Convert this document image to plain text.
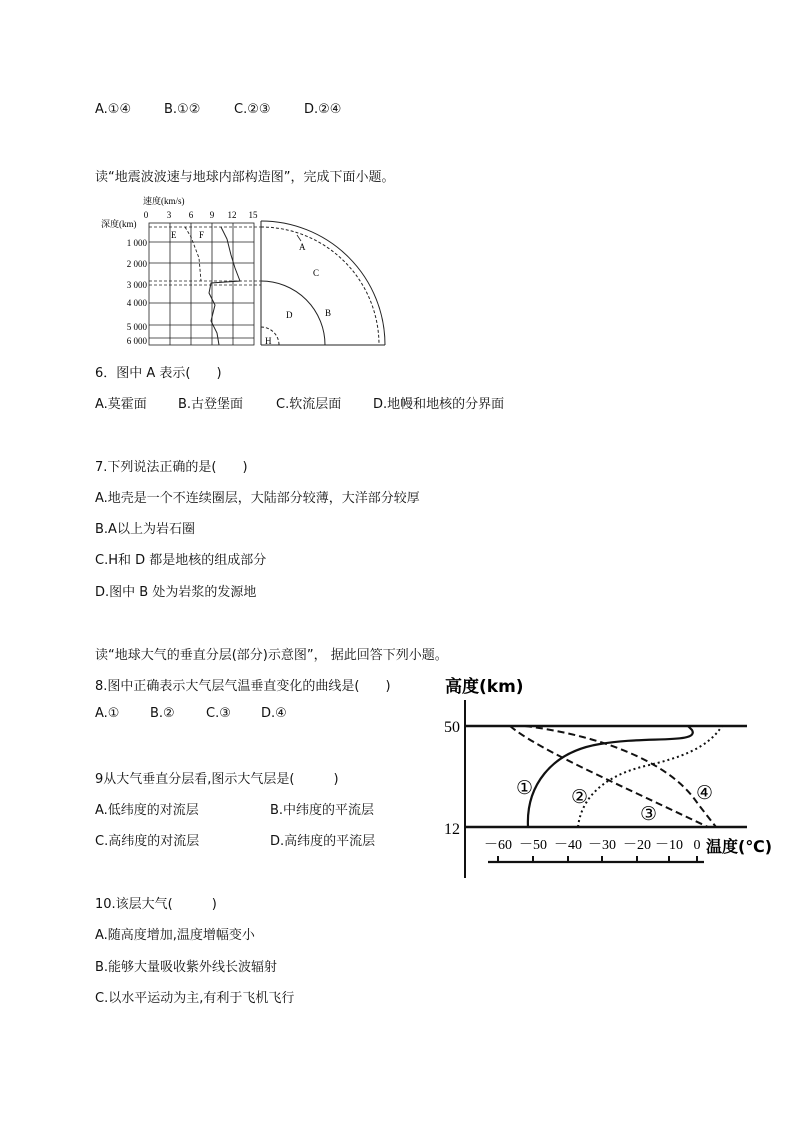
A.①④	B.①②	C.②③	D.②④
读“地震波波速与地球内部构造图”，完成下面小题。
速度(km/s)
0 3 6 9 12 15
深度(km)
1 000
2 000
3 000
4 000
5 000
6 000
E	F
A
C
D	B
H
6．图中 A 表示(　　)
A.莫霍面 B.古登堡面	C.软流层面 D.地幔和地核的分界面
7.下列说法正确的是(　　)
A.地壳是一个不连续圈层，大陆部分较薄，大洋部分较厚
B.A以上为岩石圈
C.H和 D 都是地核的组成部分
D.图中 B 处为岩浆的发源地
读“地球大气的垂直分层(部分)示意图”， 据此回答下列小题。
8.图中正确表示大气层气温垂直变化的曲线是(　　)
A.① B.② C.③ D.④
9从大气垂直分层看,图示大气层是(　　　)
A.低纬度的对流层	B.中纬度的平流层
C.高纬度的对流层	D.高纬度的平流层
高度(km)
50
12
① ②
③
④
－60 －50 －40 －30 －20 －10 0 温度(℃)
10.该层大气(　　　)
A.随高度增加,温度增幅变小
B.能够大量吸收紫外线长波辐射
C.以水平运动为主,有利于飞机飞行
